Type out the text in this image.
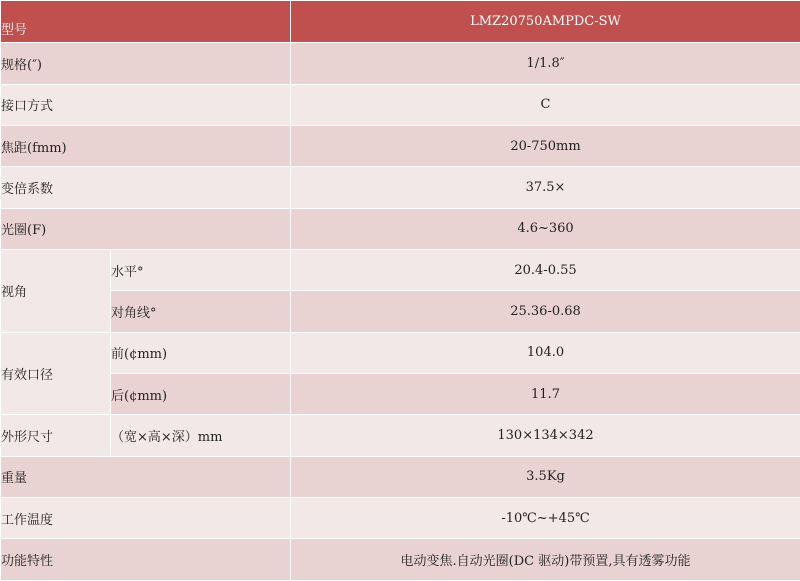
型号		LMZ20750AMPDC-SW
规格(″)		1/1.8″
接口方式		C
焦距(fmm)		20-750mm
变倍系数		37.5×
光圈(F)		4.6~360
视角	水平°	20.4-0.55
	对角线°	25.36-0.68
有效口径	前(¢mm)	104.0
	后(¢mm)	11.7
外形尺寸	（宽×高×深）mm	130×134×342
重量		3.5Kg
工作温度		-10℃~+45℃
功能特性		电动变焦.自动光圈(DC 驱动)带预置,具有透雾功能
